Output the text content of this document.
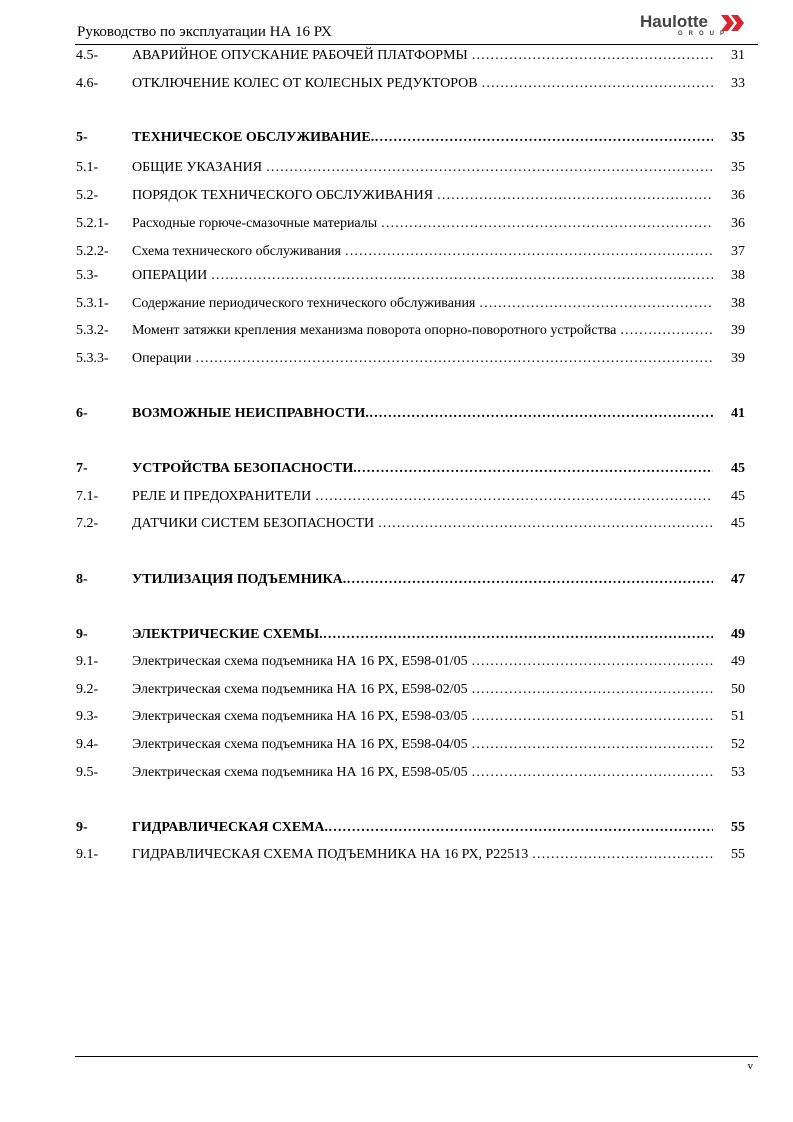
Руководство по эксплуатации НА 16 РХ
Haulotte
GROUP
4.5- АВАРИЙНОЕ ОПУСКАНИЕ РАБОЧЕЙ ПЛАТФОРМЫ ………………………………………………………………………………………………………………………………………………………	31
4.6- ОТКЛЮЧЕНИЕ КОЛЕС ОТ КОЛЕСНЫХ РЕДУКТОРОВ ………………………………………………………………………………………………………………………………………………………	33
5-	ТЕХНИЧЕСКОЕ ОБСЛУЖИВАНИЕ .………………………………………………………………………………………………………………………………………………………	35
5.1- ОБЩИЕ УКАЗАНИЯ ………………………………………………………………………………………………………………………………………………………	35
5.2- ПОРЯДОК ТЕХНИЧЕСКОГО ОБСЛУЖИВАНИЯ ………………………………………………………………………………………………………………………………………………………	36
5.2.1- Расходные горюче-смазочные материалы ………………………………………………………………………………………………………………………………………………………	36
5.2.2- Схема технического обслуживания ………………………………………………………………………………………………………………………………………………………	37
5.3- ОПЕРАЦИИ ………………………………………………………………………………………………………………………………………………………	38
5.3.1- Содержание периодического технического обслуживания ………………………………………………………………………………………………………………………………………………………	38
5.3.2- Момент затяжки крепления механизма поворота опорно-поворотного устройства ………………………………………………………………………………………………………………………………………………………	39
5.3.3- Операции ………………………………………………………………………………………………………………………………………………………	39
6-	ВОЗМОЖНЫЕ НЕИСПРАВНОСТИ .………………………………………………………………………………………………………………………………………………………	41
7-	УСТРОЙСТВА БЕЗОПАСНОСТИ .………………………………………………………………………………………………………………………………………………………	45
7.1- РЕЛЕ И ПРЕДОХРАНИТЕЛИ ………………………………………………………………………………………………………………………………………………………	45
7.2- ДАТЧИКИ СИСТЕМ БЕЗОПАСНОСТИ ………………………………………………………………………………………………………………………………………………………	45
8-	УТИЛИЗАЦИЯ ПОДЪЕМНИКА .………………………………………………………………………………………………………………………………………………………	47
9-	ЭЛЕКТРИЧЕСКИЕ СХЕМЫ .………………………………………………………………………………………………………………………………………………………	49
9.1- Электрическая схема подъемника НА 16 РХ, Е598-01/05 ………………………………………………………………………………………………………………………………………………………	49
9.2- Электрическая схема подъемника НА 16 РХ, Е598-02/05 ………………………………………………………………………………………………………………………………………………………	50
9.3- Электрическая схема подъемника НА 16 РХ, Е598-03/05 ………………………………………………………………………………………………………………………………………………………	51
9.4- Электрическая схема подъемника НА 16 РХ, Е598-04/05 ………………………………………………………………………………………………………………………………………………………	52
9.5- Электрическая схема подъемника НА 16 РХ, Е598-05/05 ………………………………………………………………………………………………………………………………………………………	53
9-	ГИДРАВЛИЧЕСКАЯ СХЕМА .………………………………………………………………………………………………………………………………………………………	55
9.1- ГИДРАВЛИЧЕСКАЯ СХЕМА ПОДЪЕМНИКА НА 16 РХ, Р22513 ………………………………………………………………………………………………………………………………………………………	55
v
